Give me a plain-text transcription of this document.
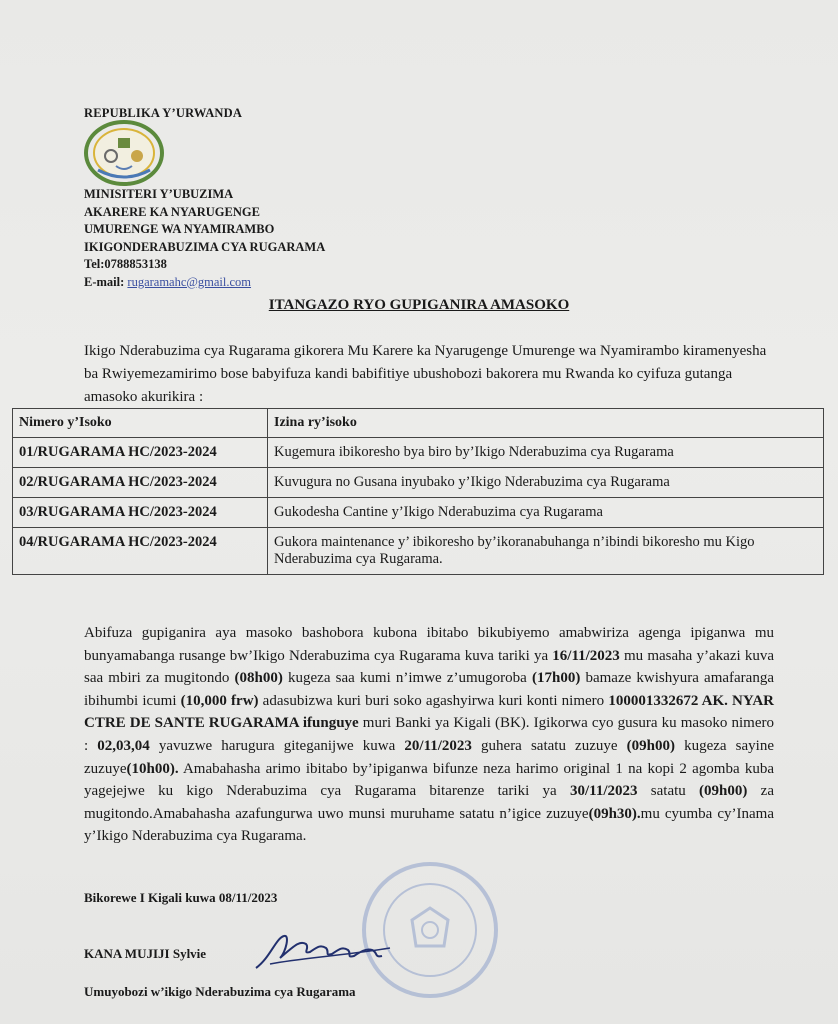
REPUBLIKA Y’URWANDA
MINISITERI Y’UBUZIMA
AKARERE KA NYARUGENGE
UMURENGE WA NYAMIRAMBO
IKIGONDERABUZIMA CYA RUGARAMA
Tel:0788853138
E-mail: rugaramahc@gmail.com
ITANGAZO RYO GUPIGANIRA AMASOKO
Ikigo Nderabuzima cya Rugarama gikorera Mu Karere ka Nyarugenge Umurenge wa Nyamirambo kiramenyesha ba Rwiyemezamirimo bose babyifuza kandi babifitiye ubushobozi bakorera mu Rwanda ko cyifuza gutanga amasoko akurikira :
Nimero y’Isoko	Izina ry’isoko
01/RUGARAMA HC/2023-2024	Kugemura ibikoresho bya biro by’Ikigo Nderabuzima cya Rugarama
02/RUGARAMA HC/2023-2024	Kuvugura no Gusana inyubako y’Ikigo Nderabuzima cya Rugarama
03/RUGARAMA HC/2023-2024	Gukodesha Cantine y’Ikigo Nderabuzima cya Rugarama
04/RUGARAMA HC/2023-2024	Gukora maintenance y’ ibikoresho by’ikoranabuhanga n’ibindi bikoresho mu Kigo Nderabuzima cya Rugarama.
Abifuza gupiganira aya masoko bashobora kubona ibitabo bikubiyemo amabwiriza agenga ipiganwa mu bunyamabanga rusange bw’Ikigo Nderabuzima cya Rugarama kuva tariki ya 16/11/2023 mu masaha y’akazi kuva saa mbiri za mugitondo (08h00) kugeza saa kumi n’imwe z’umugoroba (17h00) bamaze kwishyura amafaranga ibihumbi icumi (10,000 frw) adasubizwa kuri buri soko agashyirwa kuri konti nimero 100001332672 AK. NYAR CTRE DE SANTE RUGARAMA ifunguye muri Banki ya Kigali (BK). Igikorwa cyo gusura ku masoko nimero : 02,03,04 yavuzwe harugura giteganijwe kuwa 20/11/2023 guhera satatu zuzuye (09h00) kugeza sayine zuzuye(10h00). Amabahasha arimo ibitabo by’ipiganwa bifunze neza harimo original 1 na kopi 2 agomba kuba yagejejwe ku kigo Nderabuzima cya Rugarama bitarenze tariki ya 30/11/2023 satatu (09h00) za mugitondo.Amabahasha azafungurwa uwo munsi muruhame satatu n’igice zuzuye(09h30).mu cyumba cy’Inama y’Ikigo Nderabuzima cya Rugarama.
Bikorewe I Kigali kuwa 08/11/2023
KANA MUJIJI Sylvie
Umuyobozi w’ikigo Nderabuzima cya Rugarama
